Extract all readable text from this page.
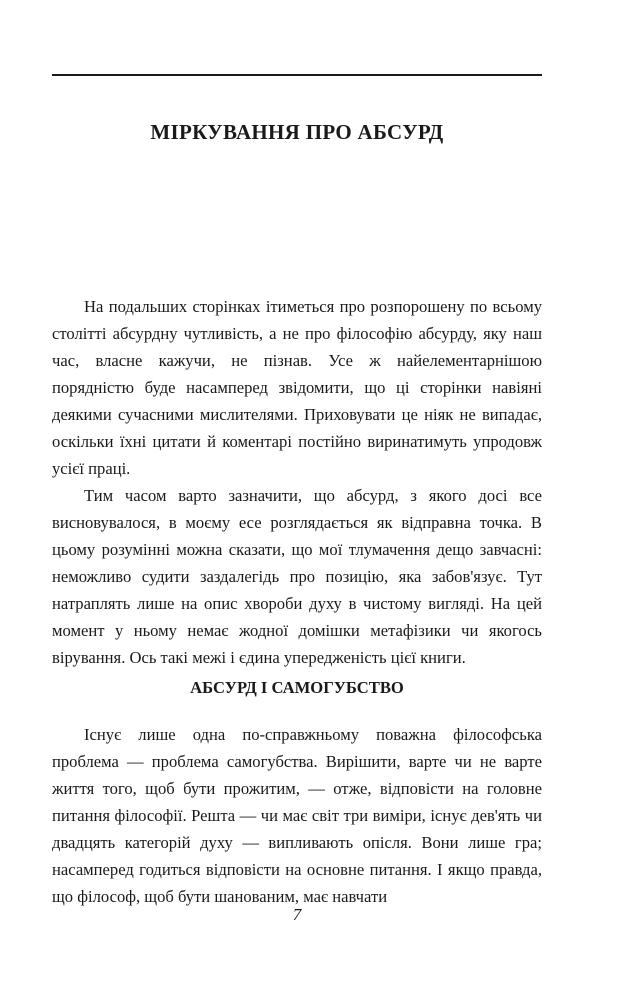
МІРКУВАННЯ ПРО АБСУРД

На подальших сторінках ітиметься про розпорошену по всьому столітті абсурдну чутливість, а не про філософію абсурду, яку наш час, власне кажучи, не пізнав. Усе ж найелементарнішою порядністю буде насамперед звідомити, що ці сторінки навіяні деякими сучасними мислителями. Приховувати це ніяк не випадає, оскільки їхні цитати й коментарі постійно виринатимуть упродовж усієї праці.

Тим часом варто зазначити, що абсурд, з якого досі все висновувалося, в моєму есе розглядається як відправна точка. В цьому розумінні можна сказати, що мої тлумачення дещо завчасні: неможливо судити заздалегідь про позицію, яка забов'язує. Тут натраплять лише на опис хвороби духу в чистому вигляді. На цей момент у ньому немає жодної домішки метафізики чи якогось вірування. Ось такі межі і єдина упередженість цієї книги.

АБСУРД І САМОГУБСТВО

Існує лише одна по-справжньому поважна філософська проблема — проблема самогубства. Вирішити, варте чи не варте життя того, щоб бути прожитим, — отже, відповісти на головне питання філософії. Решта — чи має світ три виміри, існує дев'ять чи двадцять категорій духу — випливають опісля. Вони лише гра; насамперед годиться відповісти на основне питання. І якщо правда, що філософ, щоб бути шанованим, має навчати

7
